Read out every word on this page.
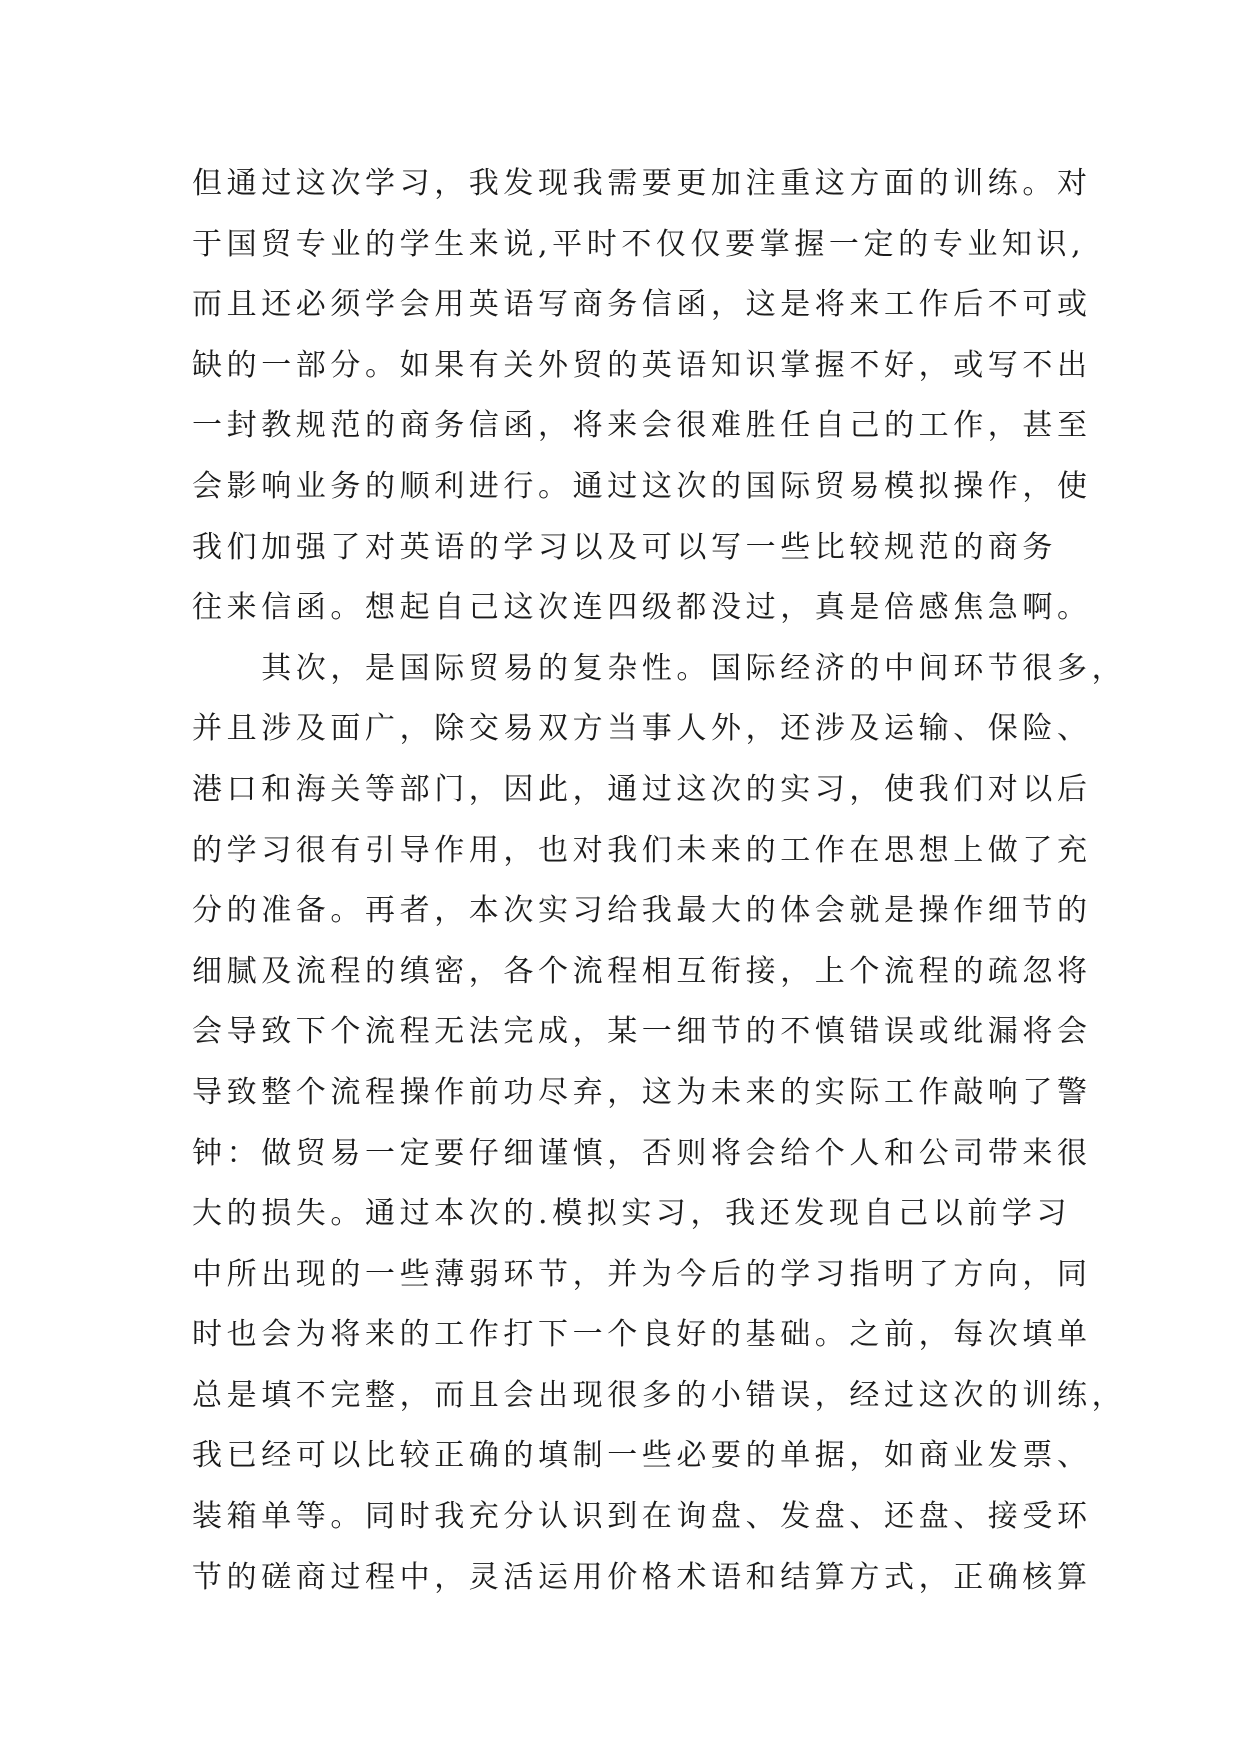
但通过这次学习，我发现我需要更加注重这方面的训练。对
于国贸专业的学生来说,平时不仅仅要掌握一定的专业知识,
而且还必须学会用英语写商务信函，这是将来工作后不可或
缺的一部分。如果有关外贸的英语知识掌握不好，或写不出
一封教规范的商务信函，将来会很难胜任自己的工作，甚至
会影响业务的顺利进行。通过这次的国际贸易模拟操作，使
我们加强了对英语的学习以及可以写一些比较规范的商务
往来信函。想起自己这次连四级都没过，真是倍感焦急啊。
　　其次，是国际贸易的复杂性。国际经济的中间环节很多，
并且涉及面广，除交易双方当事人外，还涉及运输、保险、
港口和海关等部门，因此，通过这次的实习，使我们对以后
的学习很有引导作用，也对我们未来的工作在思想上做了充
分的准备。再者，本次实习给我最大的体会就是操作细节的
细腻及流程的缜密，各个流程相互衔接，上个流程的疏忽将
会导致下个流程无法完成，某一细节的不慎错误或纰漏将会
导致整个流程操作前功尽弃，这为未来的实际工作敲响了警
钟：做贸易一定要仔细谨慎，否则将会给个人和公司带来很
大的损失。通过本次的.模拟实习，我还发现自己以前学习
中所出现的一些薄弱环节，并为今后的学习指明了方向，同
时也会为将来的工作打下一个良好的基础。之前，每次填单
总是填不完整，而且会出现很多的小错误，经过这次的训练，
我已经可以比较正确的填制一些必要的单据，如商业发票、
装箱单等。同时我充分认识到在询盘、发盘、还盘、接受环
节的磋商过程中，灵活运用价格术语和结算方式，正确核算
